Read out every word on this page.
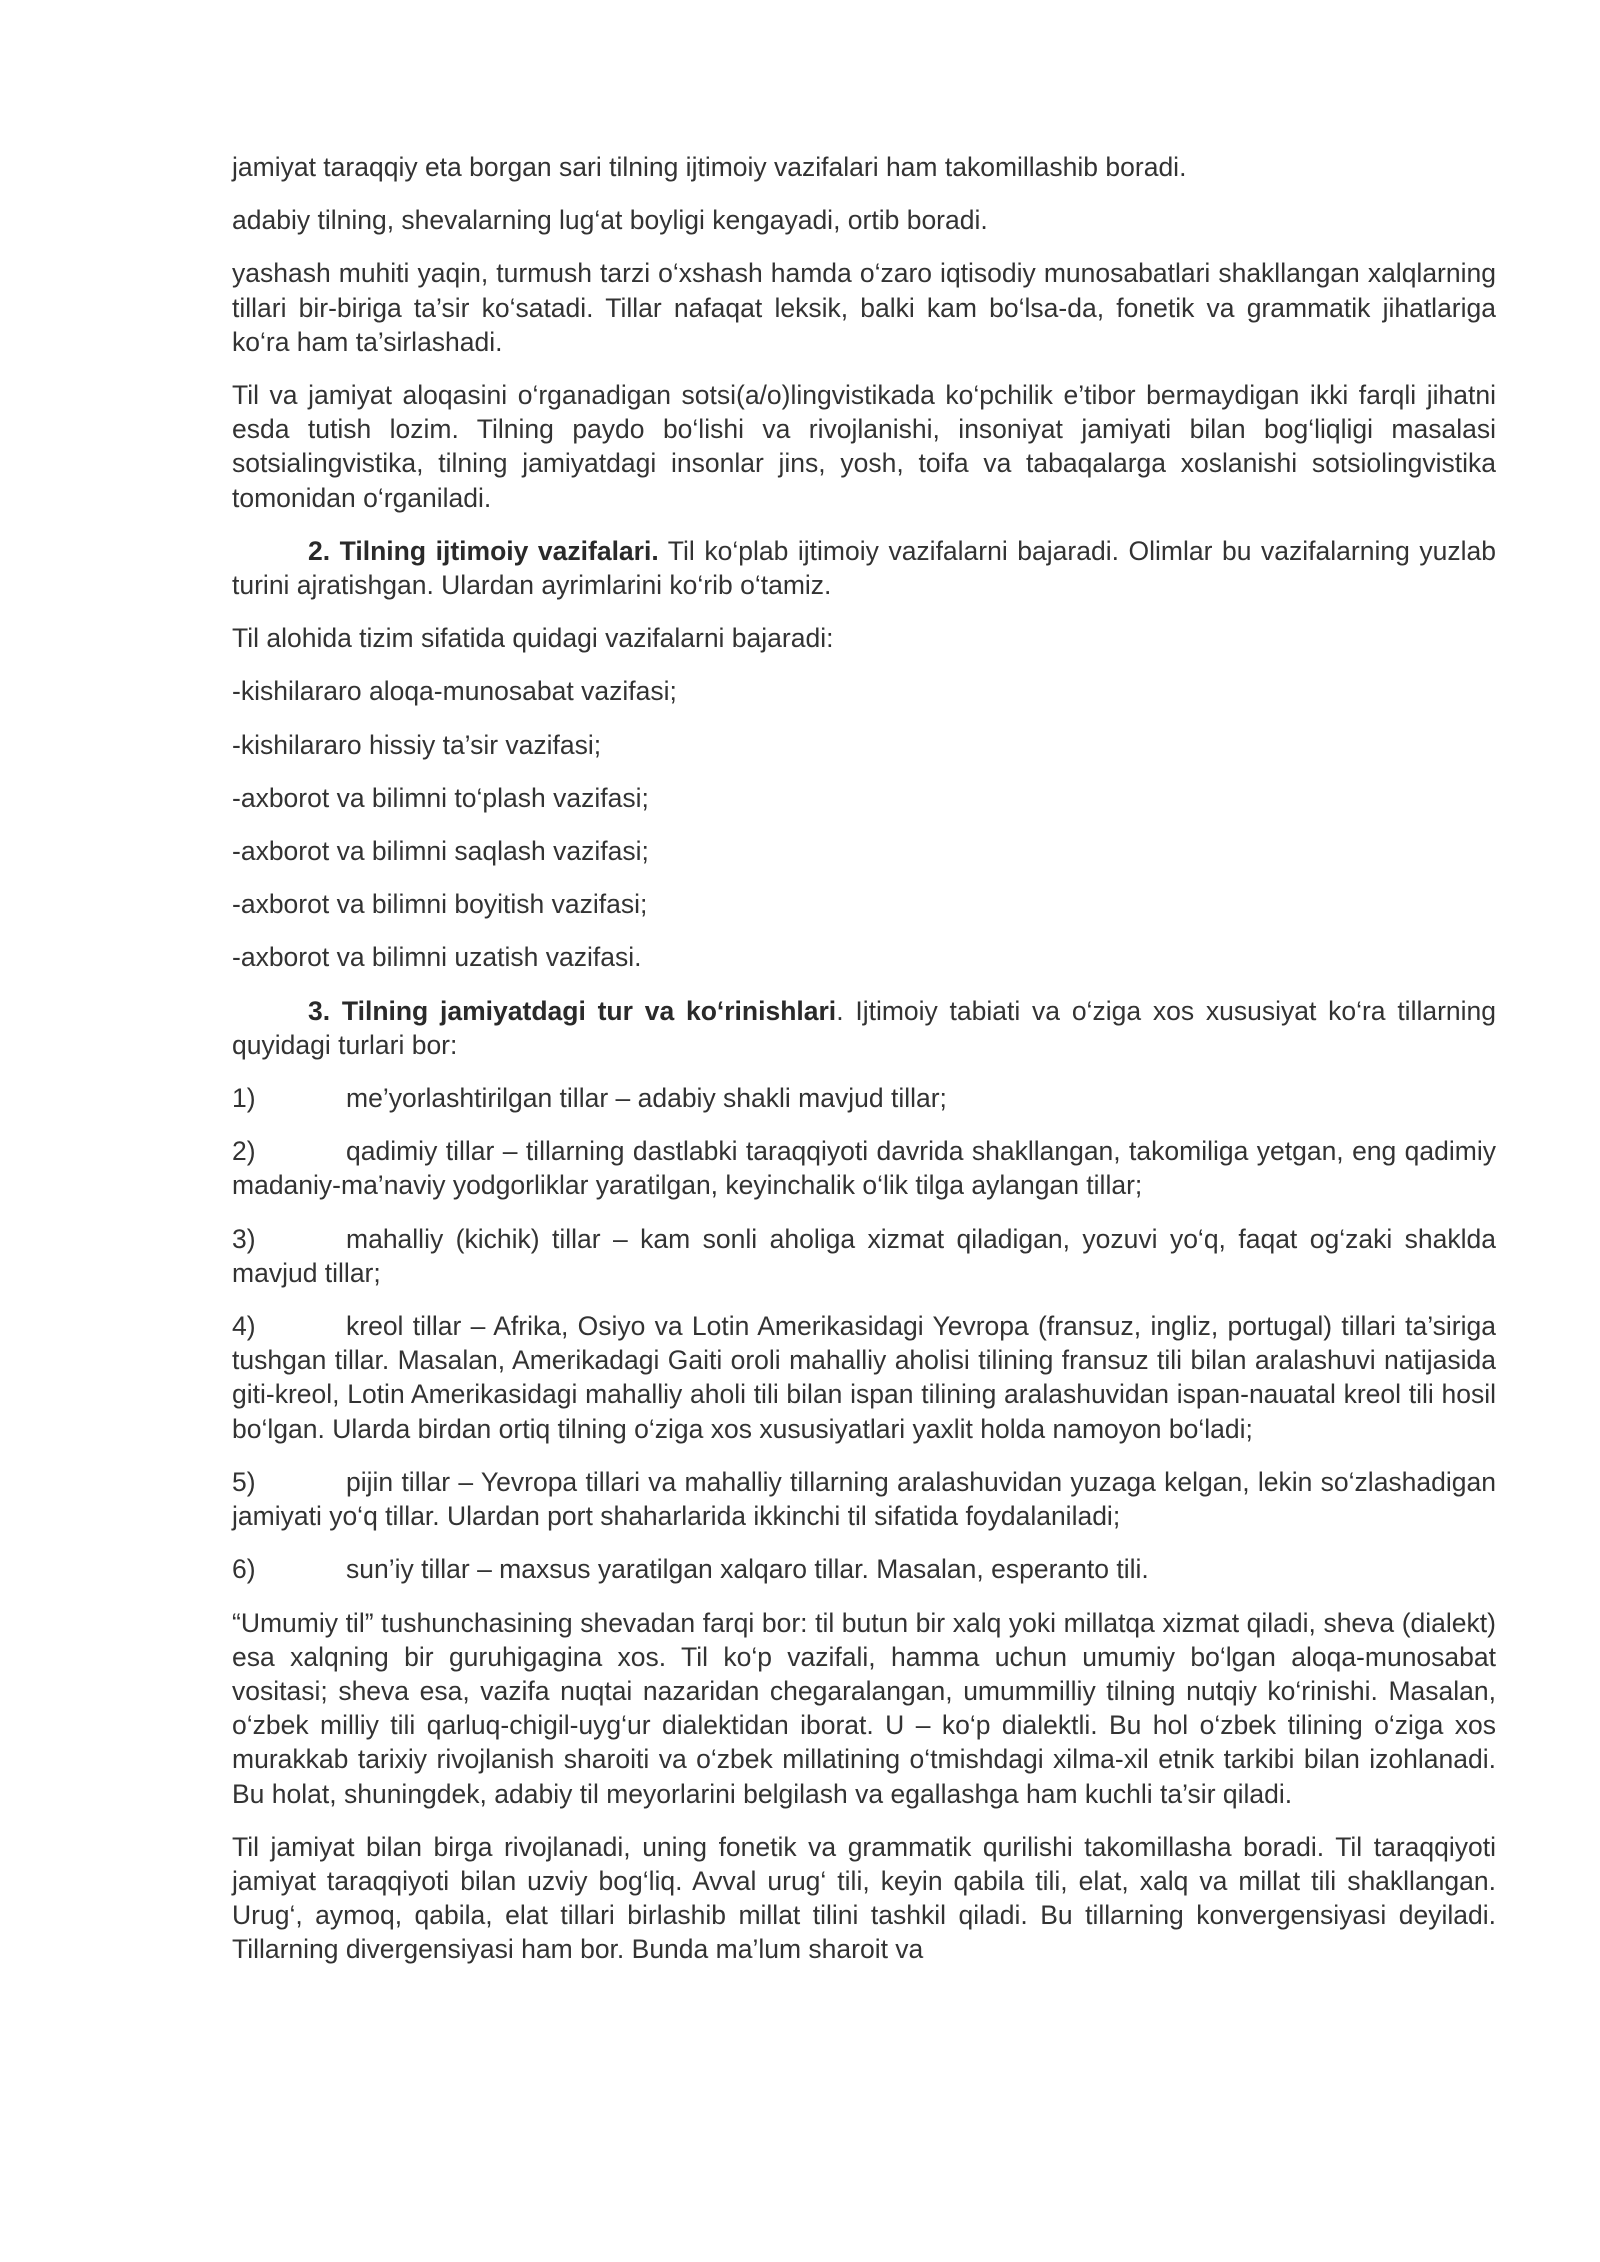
jamiyat taraqqiy eta borgan sari tilning ijtimoiy vazifalari ham takomillashib boradi.

adabiy tilning, shevalarning lug‘at boyligi kengayadi, ortib boradi.

yashash muhiti yaqin, turmush tarzi o‘xshash hamda o‘zaro iqtisodiy munosabatlari shakllangan xalqlarning tillari bir-biriga ta’sir ko‘satadi. Tillar nafaqat leksik, balki kam bo‘lsa-da, fonetik va grammatik jihatlariga ko‘ra ham ta’sirlashadi.

Til va jamiyat aloqasini o‘rganadigan sotsi(a/o)lingvistikada ko‘pchilik e’tibor bermaydigan ikki farqli jihatni esda tutish lozim. Tilning paydo bo‘lishi va rivojlanishi, insoniyat jamiyati bilan bog‘liqligi masalasi sotsialingvistika, tilning jamiyatdagi insonlar jins, yosh, toifa va tabaqalarga xoslanishi sotsiolingvistika tomonidan o‘rganiladi.

2. Tilning ijtimoiy vazifalari. Til ko‘plab ijtimoiy vazifalarni bajaradi. Olimlar bu vazifalarning yuzlab turini ajratishgan. Ulardan ayrimlarini ko‘rib o‘tamiz.

Til alohida tizim sifatida quidagi vazifalarni bajaradi:

-kishilararo aloqa-munosabat vazifasi;

-kishilararo hissiy ta’sir vazifasi;

-axborot va bilimni to‘plash vazifasi;

-axborot va bilimni saqlash vazifasi;

-axborot va bilimni boyitish vazifasi;

-axborot va bilimni uzatish vazifasi.

3. Tilning jamiyatdagi tur va ko‘rinishlari. Ijtimoiy tabiati va o‘ziga xos xususiyat ko‘ra tillarning quyidagi turlari bor:

1)	me’yorlashtirilgan tillar – adabiy shakli mavjud tillar;
2)	qadimiy tillar – tillarning dastlabki taraqqiyoti davrida shakllangan, takomiliga yetgan, eng qadimiy madaniy-ma’naviy yodgorliklar yaratilgan, keyinchalik o‘lik tilga aylangan tillar;
3)	mahalliy (kichik) tillar – kam sonli aholiga xizmat qiladigan, yozuvi yo‘q, faqat og‘zaki shaklda mavjud tillar;
4)	kreol tillar – Afrika, Osiyo va Lotin Amerikasidagi Yevropa (fransuz, ingliz, portugal) tillari ta’siriga tushgan tillar. Masalan, Amerikadagi Gaiti oroli mahalliy aholisi tilining fransuz tili bilan aralashuvi natijasida giti-kreol, Lotin Amerikasidagi mahalliy aholi tili bilan ispan tilining aralashuvidan ispan-nauatal kreol tili hosil bo‘lgan. Ularda birdan ortiq tilning o‘ziga xos xususiyatlari yaxlit holda namoyon bo‘ladi;
5)	pijin tillar – Yevropa tillari va mahalliy tillarning aralashuvidan yuzaga kelgan, lekin so‘zlashadigan jamiyati yo‘q tillar. Ulardan port shaharlarida ikkinchi til sifatida foydalaniladi;
6)	sun’iy tillar – maxsus yaratilgan xalqaro tillar. Masalan, esperanto tili.

“Umumiy til” tushunchasining shevadan farqi bor: til butun bir xalq yoki millatqa xizmat qiladi, sheva (dialekt) esa xalqning bir guruhigagina xos. Til ko‘p vazifali, hamma uchun umumiy bo‘lgan aloqa-munosabat vositasi; sheva esa, vazifa nuqtai nazaridan chegaralangan, umummilliy tilning nutqiy ko‘rinishi. Masalan, o‘zbek milliy tili qarluq-chigil-uyg‘ur dialektidan iborat. U – ko‘p dialektli. Bu hol o‘zbek tilining o‘ziga xos murakkab tarixiy rivojlanish sharoiti va o‘zbek millatining o‘tmishdagi xilma-xil etnik tarkibi bilan izohlanadi. Bu holat, shuningdek, adabiy til meyorlarini belgilash va egallashga ham kuchli ta’sir qiladi.

Til jamiyat bilan birga rivojlanadi, uning fonetik va grammatik qurilishi takomillasha boradi. Til taraqqiyoti jamiyat taraqqiyoti bilan uzviy bog‘liq. Avval urug‘ tili, keyin qabila tili, elat, xalq va millat tili shakllangan. Urug‘, aymoq, qabila, elat tillari birlashib millat tilini tashkil qiladi. Bu tillarning konvergensiyasi deyiladi. Tillarning divergensiyasi ham bor. Bunda ma’lum sharoit va
